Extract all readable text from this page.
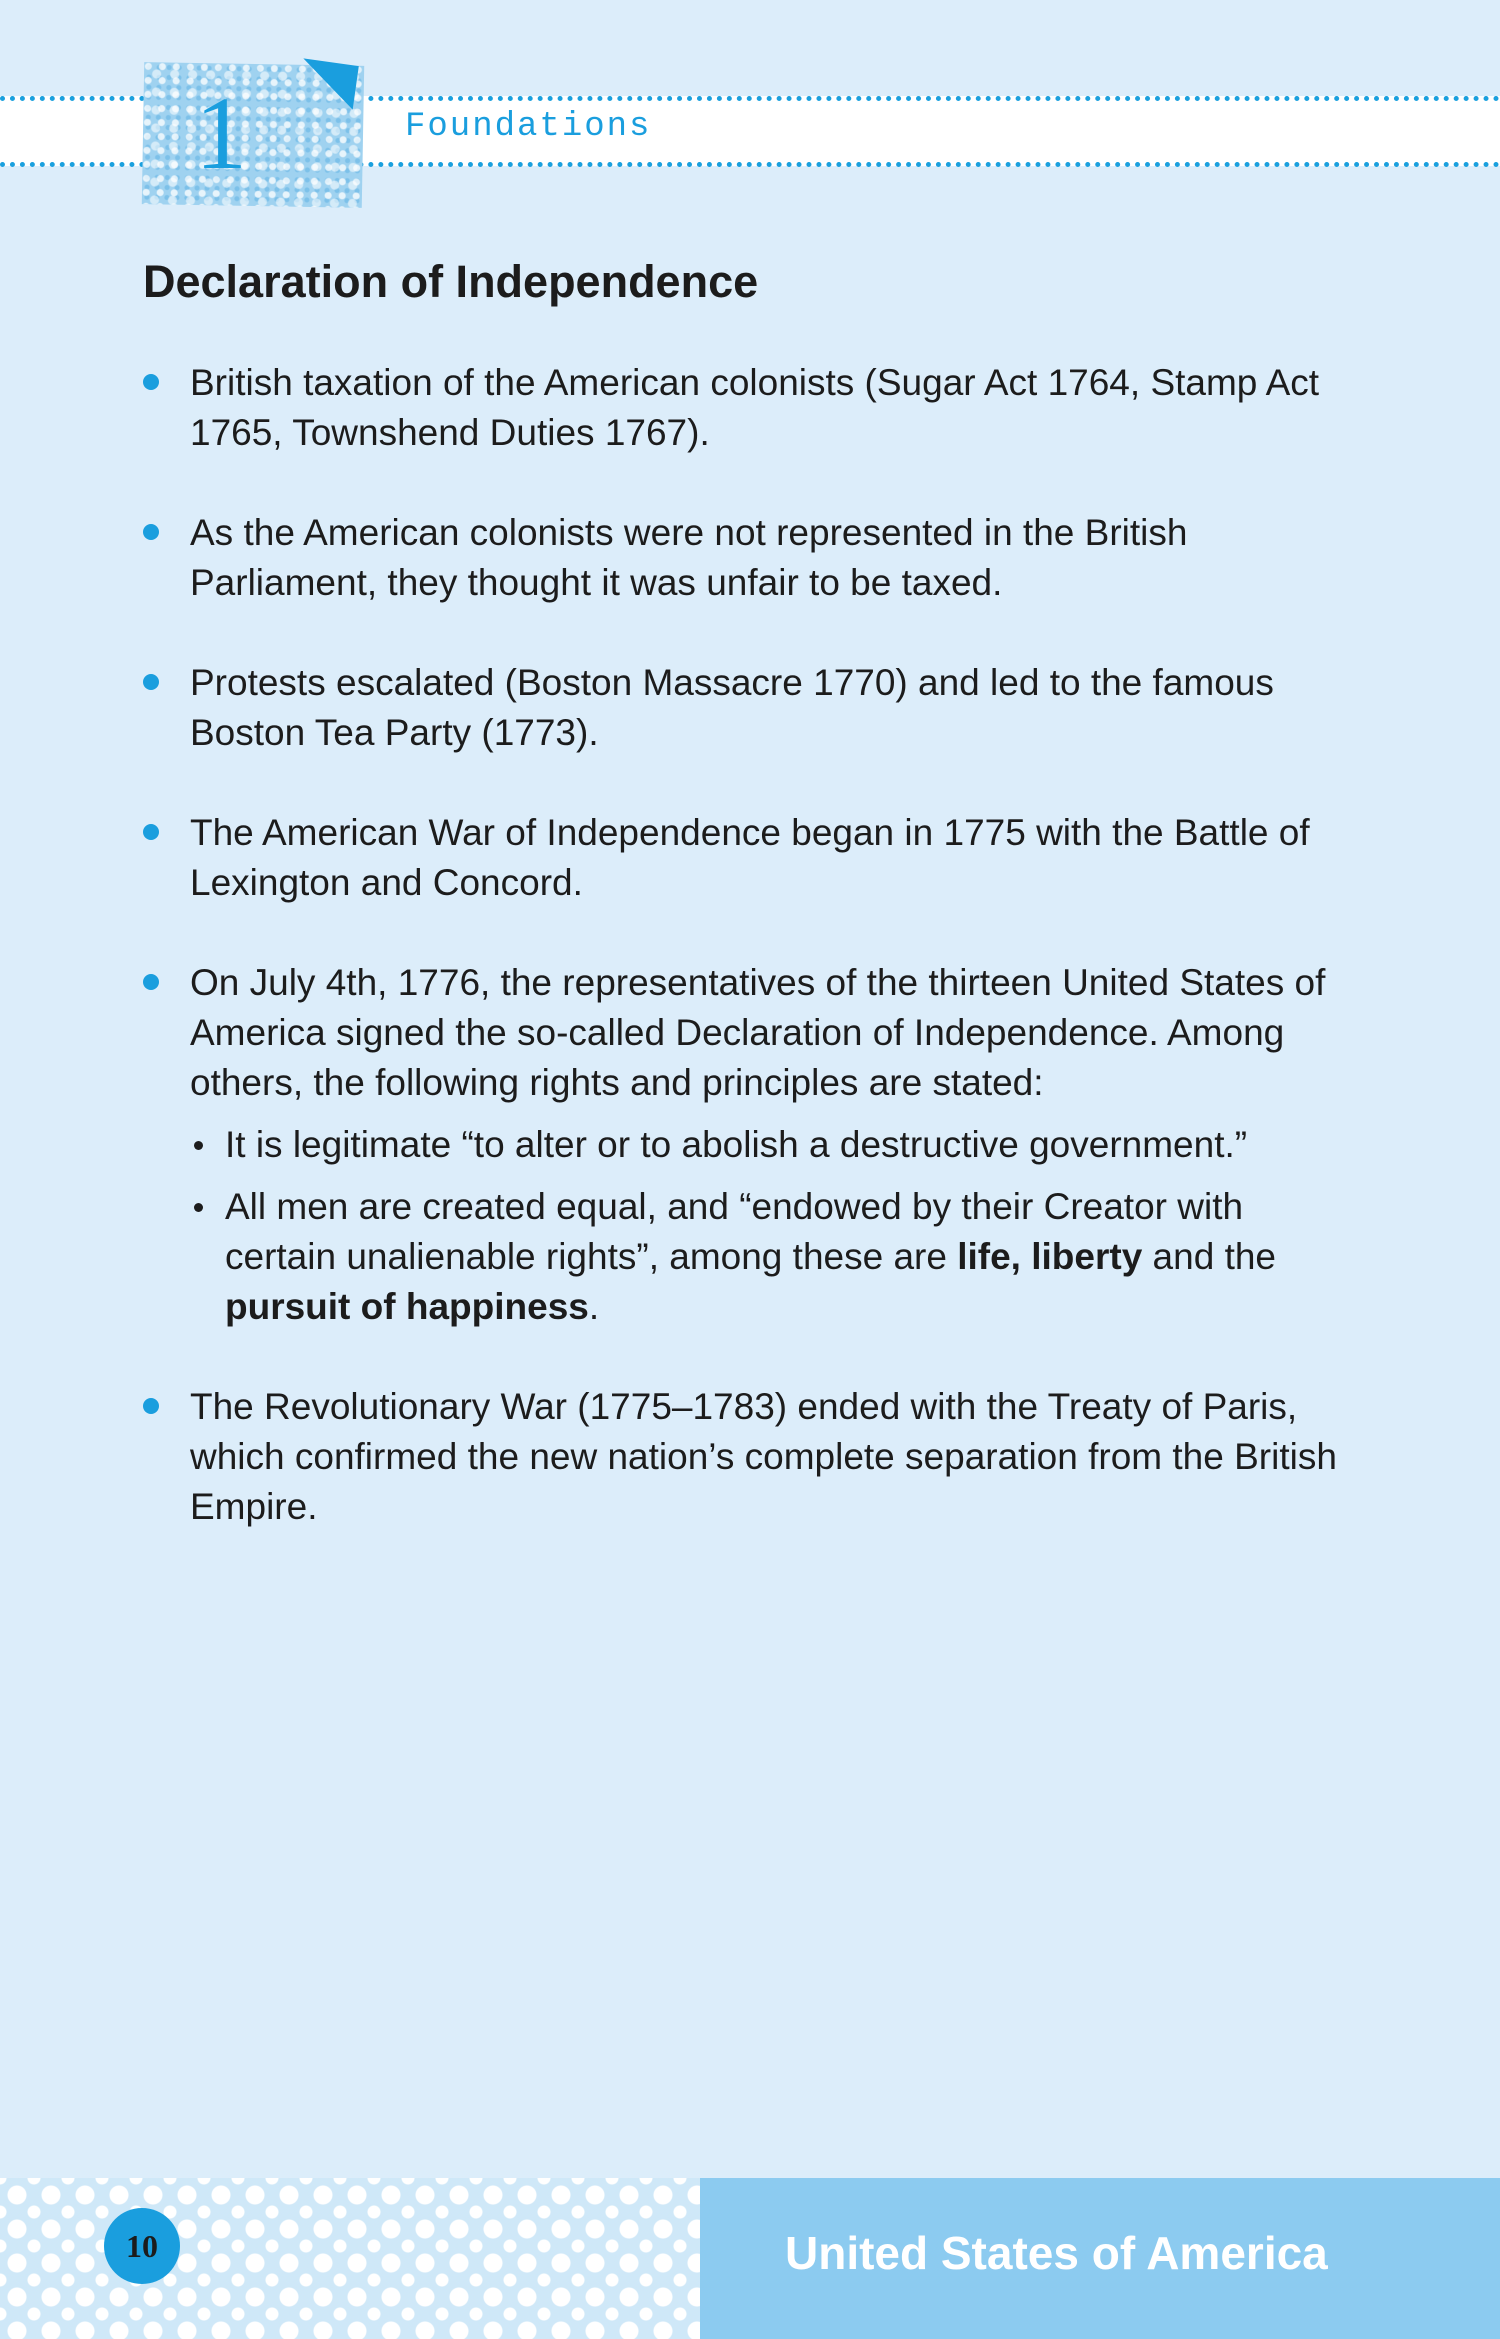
1	Foundations
Declaration of Independence
British taxation of the American colonists (Sugar Act 1764, Stamp Act 1765, Townshend Duties 1767).
As the American colonists were not represented in the British Parliament, they thought it was unfair to be taxed.
Protests escalated (Boston Massacre 1770) and led to the famous Boston Tea Party (1773).
The American War of Independence began in 1775 with the Battle of Lexington and Concord.
On July 4th, 1776, the representatives of the thirteen United States of America signed the so-called Declaration of Independence. Among others, the following rights and principles are stated:
It is legitimate “to alter or to abolish a destructive government.”
All men are created equal, and “endowed by their Creator with certain unalienable rights”, among these are life, liberty and the pursuit of happiness.
The Revolutionary War (1775–1783) ended with the Treaty of Paris, which confirmed the new nation’s complete separation from the British Empire.
10	United States of America
